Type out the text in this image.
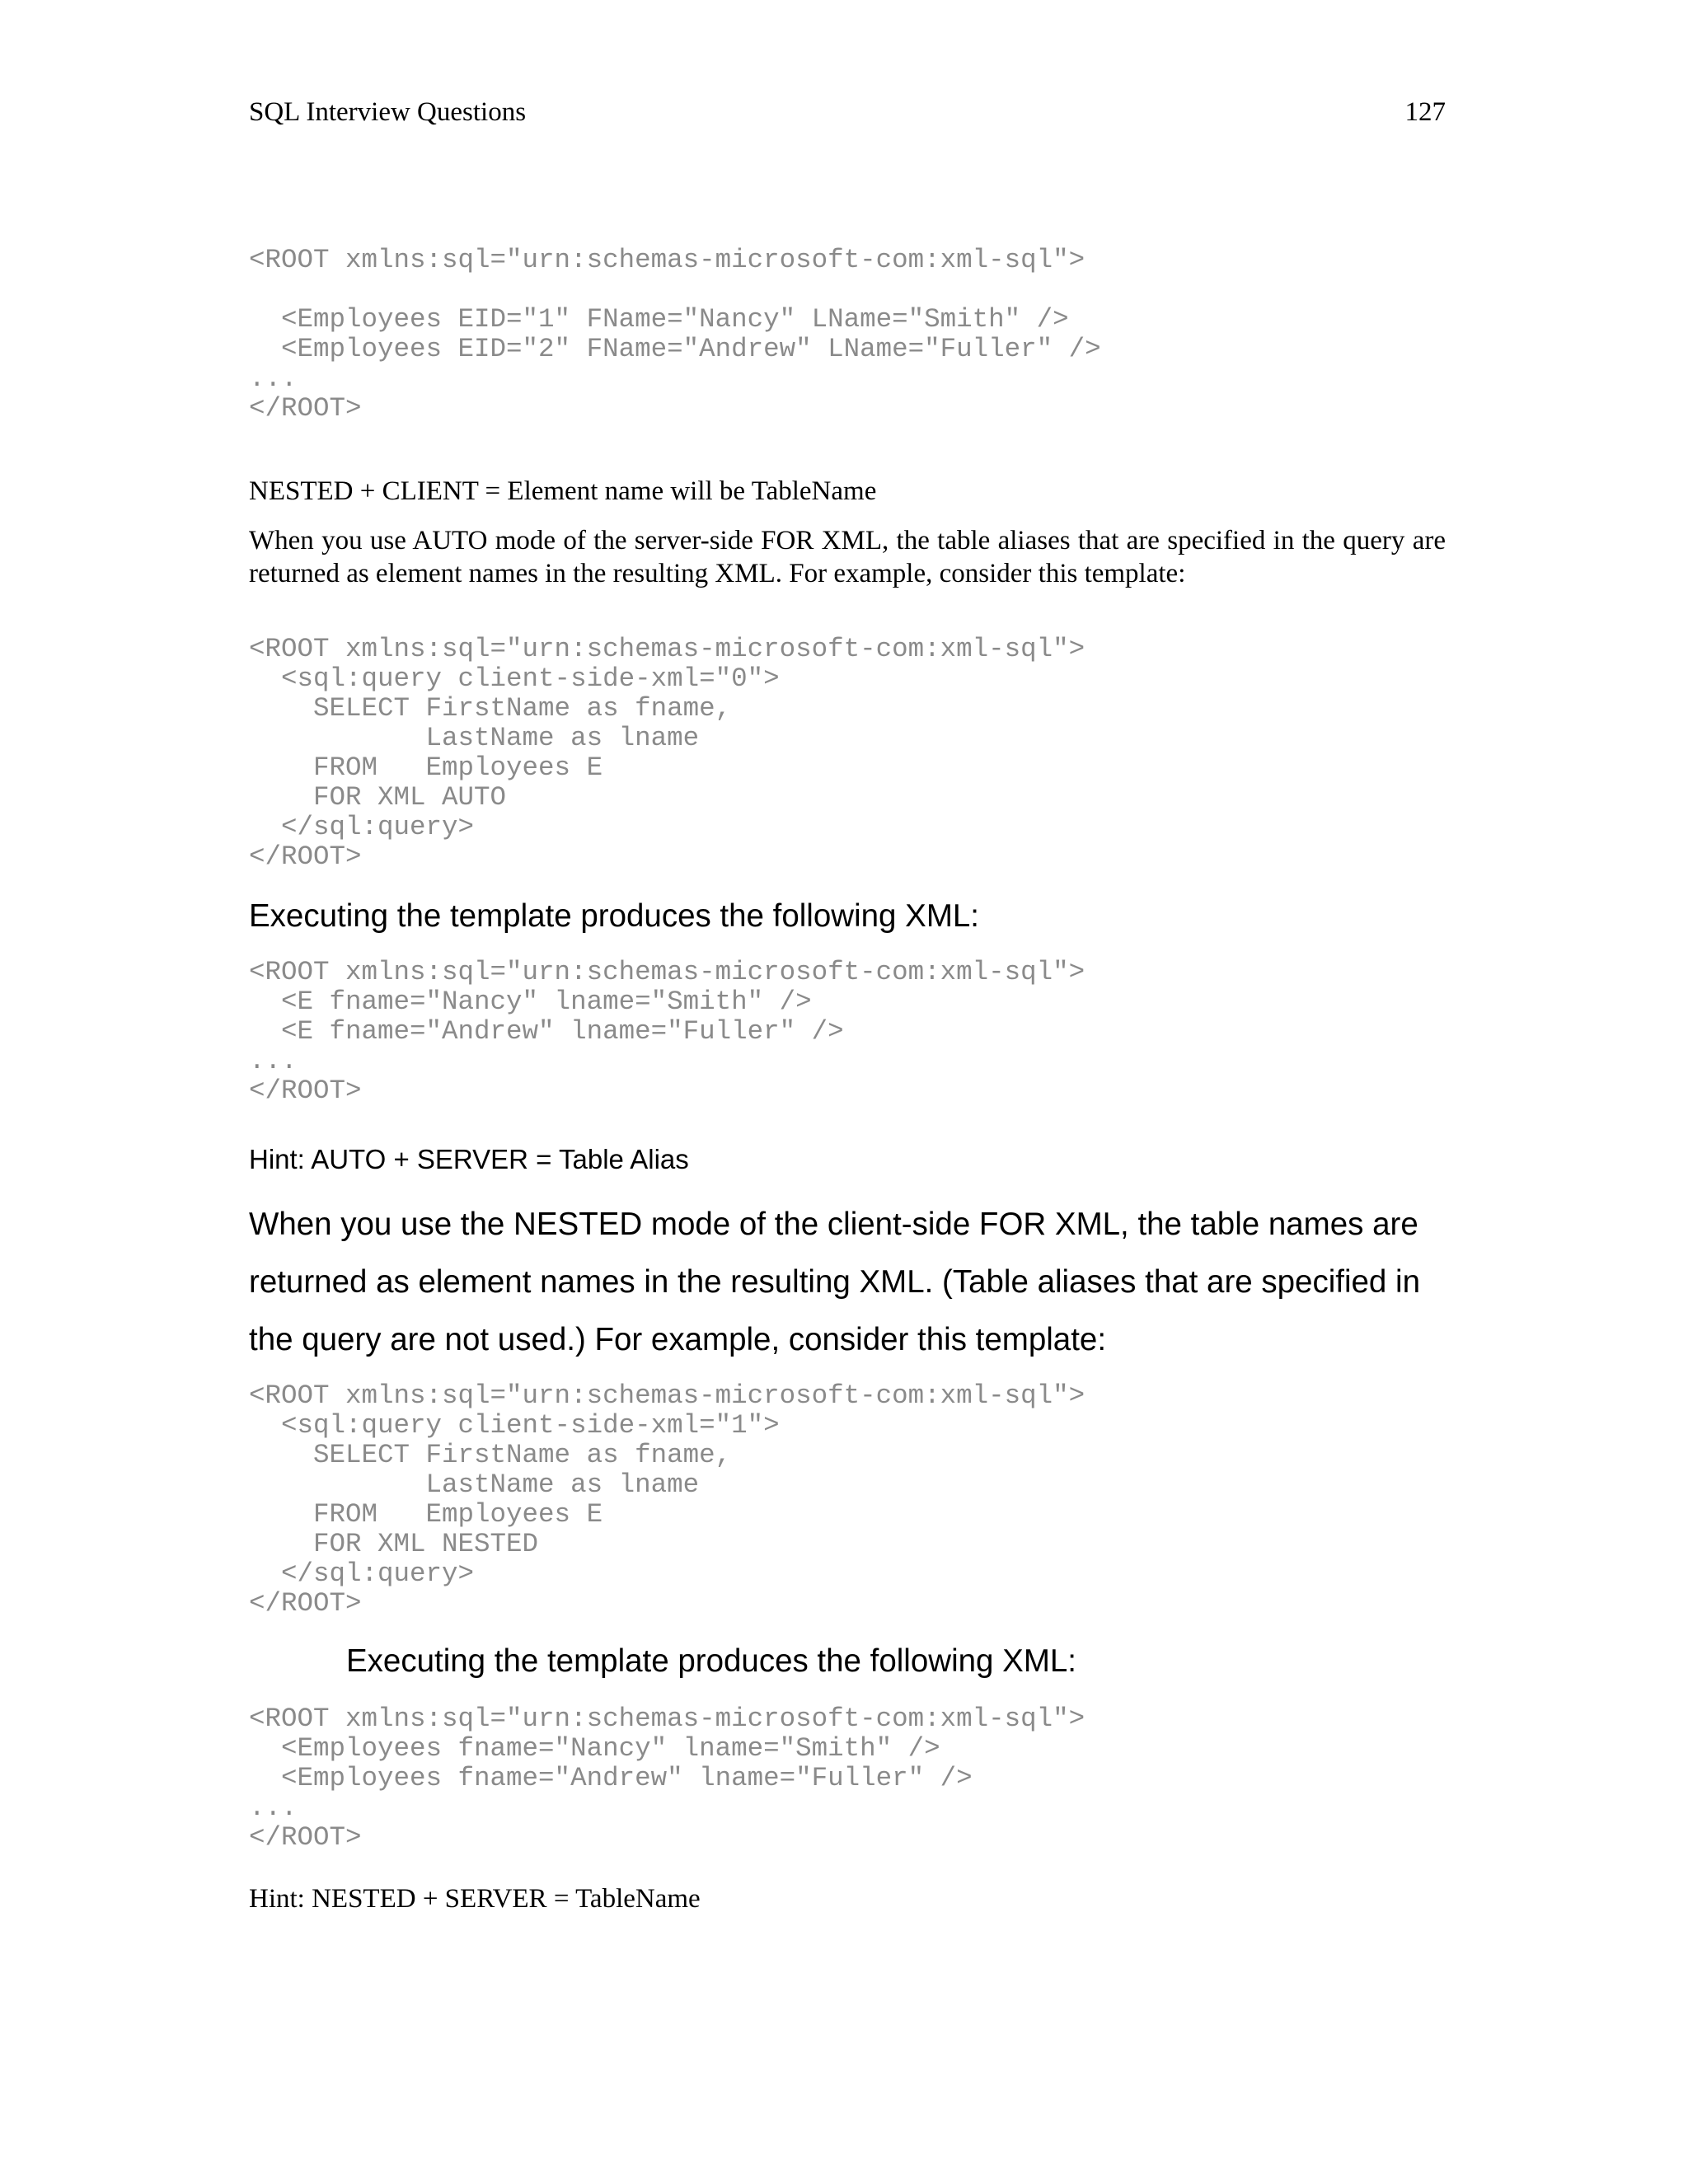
SQL Interview Questions	127
<ROOT xmlns:sql="urn:schemas-microsoft-com:xml-sql">

<Employees EID="1" FName="Nancy" LName="Smith" />
<Employees EID="2" FName="Andrew" LName="Fuller" />
...
</ROOT>

NESTED + CLIENT = Element name will be TableName

When you use AUTO mode of the server-side FOR XML, the table aliases that are specified in the query are returned as element names in the resulting XML. For example, consider this template:

<ROOT xmlns:sql="urn:schemas-microsoft-com:xml-sql">
<sql:query client-side-xml="0">
SELECT FirstName as fname,
LastName as lname
FROM   Employees E
FOR XML AUTO
</sql:query>
</ROOT>

Executing the template produces the following XML:

<ROOT xmlns:sql="urn:schemas-microsoft-com:xml-sql">
<E fname="Nancy" lname="Smith" />
<E fname="Andrew" lname="Fuller" />
...
</ROOT>

Hint: AUTO + SERVER = Table Alias

When you use the NESTED mode of the client-side FOR XML, the table names are returned as element names in the resulting XML. (Table aliases that are specified in the query are not used.) For example, consider this template:

<ROOT xmlns:sql="urn:schemas-microsoft-com:xml-sql">
<sql:query client-side-xml="1">
SELECT FirstName as fname,
LastName as lname
FROM   Employees E
FOR XML NESTED
</sql:query>
</ROOT>

Executing the template produces the following XML:

<ROOT xmlns:sql="urn:schemas-microsoft-com:xml-sql">
<Employees fname="Nancy" lname="Smith" />
<Employees fname="Andrew" lname="Fuller" />
...
</ROOT>

Hint: NESTED + SERVER = TableName
